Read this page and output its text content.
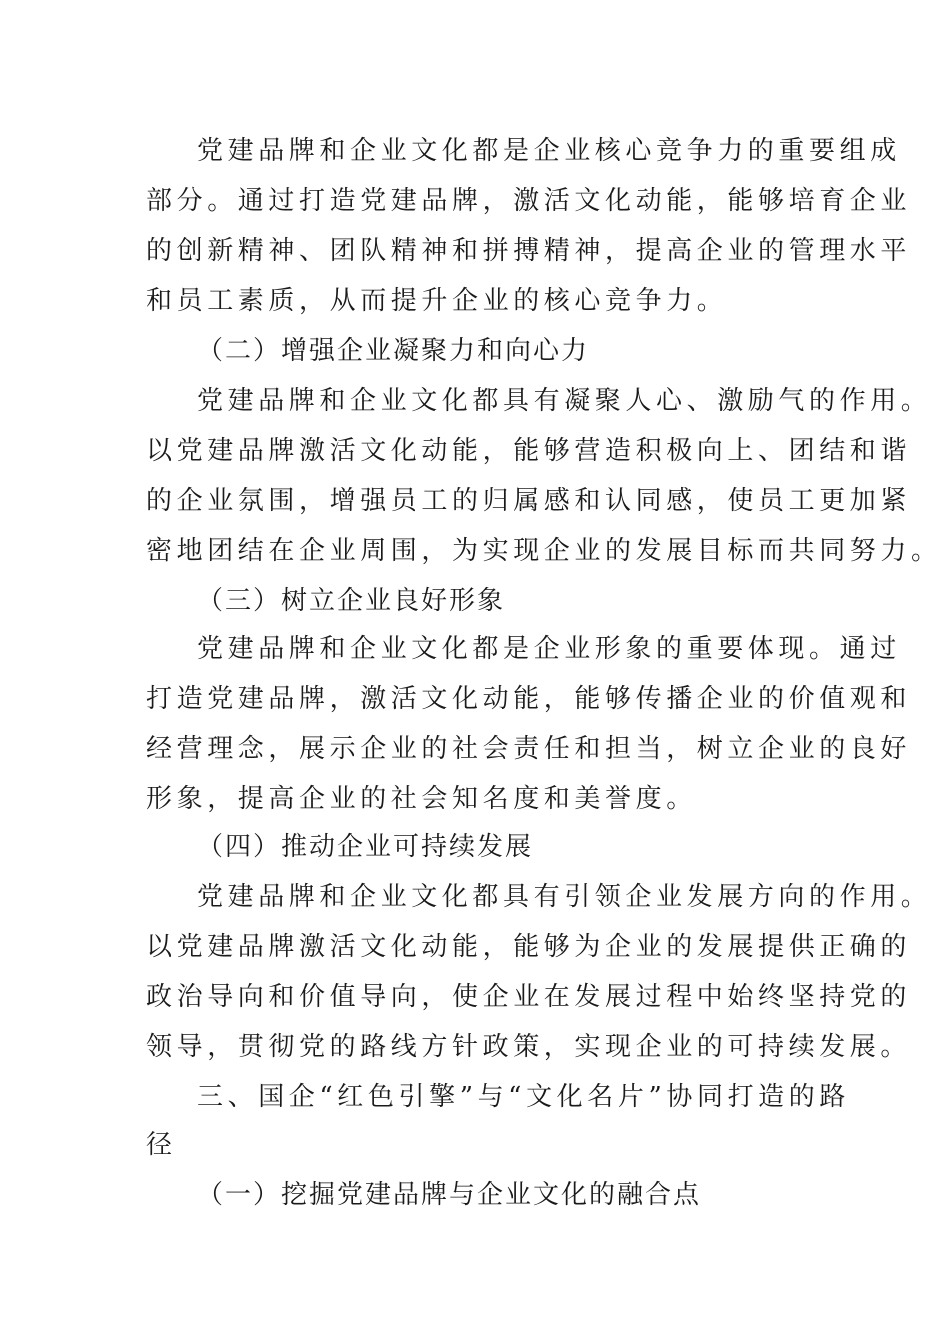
党建品牌和企业文化都是企业核心竞争力的重要组成
部分。通过打造党建品牌，激活文化动能，能够培育企业
的创新精神、团队精神和拼搏精神，提高企业的管理水平
和员工素质，从而提升企业的核心竞争力。
（二）增强企业凝聚力和向心力
党建品牌和企业文化都具有凝聚人心、激励气的作用。
以党建品牌激活文化动能，能够营造积极向上、团结和谐
的企业氛围，增强员工的归属感和认同感，使员工更加紧
密地团结在企业周围，为实现企业的发展目标而共同努力。
（三）树立企业良好形象
党建品牌和企业文化都是企业形象的重要体现。通过
打造党建品牌，激活文化动能，能够传播企业的价值观和
经营理念，展示企业的社会责任和担当，树立企业的良好
形象，提高企业的社会知名度和美誉度。
（四）推动企业可持续发展
党建品牌和企业文化都具有引领企业发展方向的作用。
以党建品牌激活文化动能，能够为企业的发展提供正确的
政治导向和价值导向，使企业在发展过程中始终坚持党的
领导，贯彻党的路线方针政策，实现企业的可持续发展。
三、国企“红色引擎”与“文化名片”协同打造的路
径
（一）挖掘党建品牌与企业文化的融合点
